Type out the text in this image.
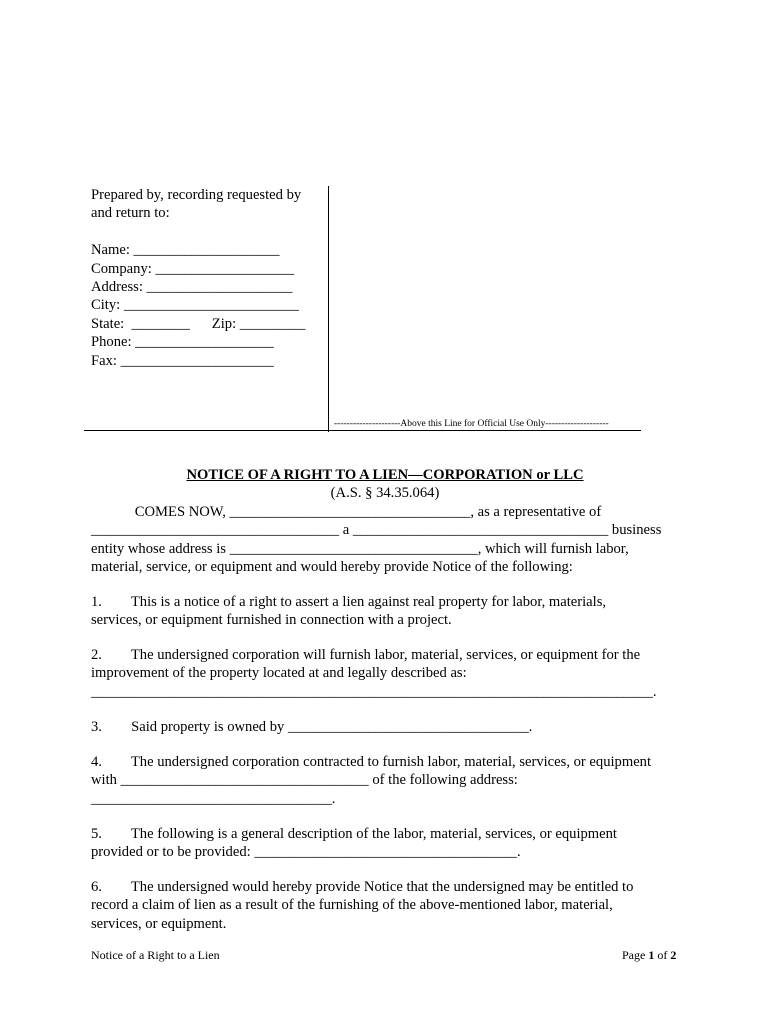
Prepared by, recording requested by
and return to:

Name: ____________________
Company: ___________________
Address: ____________________
City: ________________________
State:  ________      Zip: _________
Phone: ___________________
Fax: _____________________
---------------------Above this Line for Official Use Only--------------------
NOTICE OF A RIGHT TO A LIEN—CORPORATION or LLC
(A.S. § 34.35.064)
COMES NOW, _________________________________, as a representative of
__________________________________ a ___________________________________ business
entity whose address is __________________________________, which will furnish labor,
material, service, or equipment and would hereby provide Notice of the following:
1.        This is a notice of a right to assert a lien against real property for labor, materials,
services, or equipment furnished in connection with a project.
2.        The undersigned corporation will furnish labor, material, services, or equipment for the
improvement of the property located at and legally described as:
_____________________________________________________________________________.
3.        Said property is owned by _________________________________.
4.        The undersigned corporation contracted to furnish labor, material, services, or equipment
with __________________________________ of the following address:
_________________________________.
5.        The following is a general description of the labor, material, services, or equipment
provided or to be provided: ____________________________________.
6.        The undersigned would hereby provide Notice that the undersigned may be entitled to
record a claim of lien as a result of the furnishing of the above-mentioned labor, material,
services, or equipment.
Notice of a Right to a Lien	Page 1 of 2
